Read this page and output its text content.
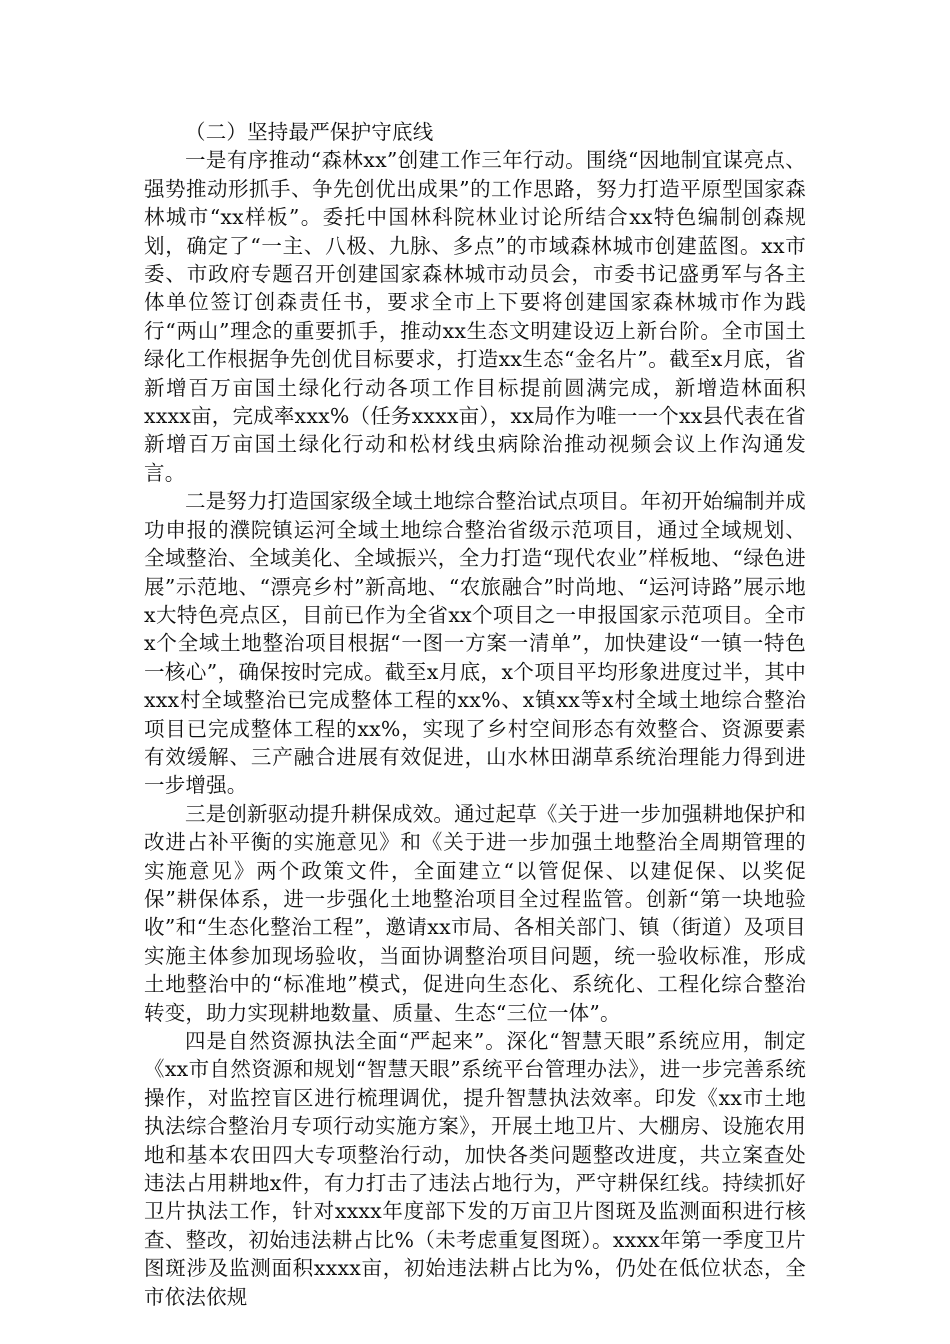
（二）坚持最严保护守底线

一是有序推动“森林xx”创建工作三年行动。围绕“因地制宜谋亮点、强势推动形抓手、争先创优出成果”的工作思路，努力打造平原型国家森林城市“xx样板”。委托中国林科院林业讨论所结合xx特色编制创森规划，确定了“一主、八极、九脉、多点”的市域森林城市创建蓝图。xx市委、市政府专题召开创建国家森林城市动员会，市委书记盛勇军与各主体单位签订创森责任书，要求全市上下要将创建国家森林城市作为践行“两山”理念的重要抓手，推动xx生态文明建设迈上新台阶。全市国土绿化工作根据争先创优目标要求，打造xx生态“金名片”。截至x月底，省新增百万亩国土绿化行动各项工作目标提前圆满完成，新增造林面积xxxx亩，完成率xxx%（任务xxxx亩），xx局作为唯一一个xx县代表在省新增百万亩国土绿化行动和松材线虫病除治推动视频会议上作沟通发言。

二是努力打造国家级全域土地综合整治试点项目。年初开始编制并成功申报的濮院镇运河全域土地综合整治省级示范项目，通过全域规划、全域整治、全域美化、全域振兴，全力打造“现代农业”样板地、“绿色进展”示范地、“漂亮乡村”新高地、“农旅融合”时尚地、“运河诗路”展示地x大特色亮点区，目前已作为全省xx个项目之一申报国家示范项目。全市x个全域土地整治项目根据“一图一方案一清单”，加快建设“一镇一特色一核心”，确保按时完成。截至x月底，x个项目平均形象进度过半，其中xxx村全域整治已完成整体工程的xx%、x镇xx等x村全域土地综合整治项目已完成整体工程的xx%，实现了乡村空间形态有效整合、资源要素有效缓解、三产融合进展有效促进，山水林田湖草系统治理能力得到进一步增强。

三是创新驱动提升耕保成效。通过起草《关于进一步加强耕地保护和改进占补平衡的实施意见》和《关于进一步加强土地整治全周期管理的实施意见》两个政策文件，全面建立“以管促保、以建促保、以奖促保”耕保体系，进一步强化土地整治项目全过程监管。创新“第一块地验收”和“生态化整治工程”，邀请xx市局、各相关部门、镇（街道）及项目实施主体参加现场验收，当面协调整治项目问题，统一验收标准，形成土地整治中的“标准地”模式，促进向生态化、系统化、工程化综合整治转变，助力实现耕地数量、质量、生态“三位一体”。

四是自然资源执法全面“严起来”。深化“智慧天眼”系统应用，制定《xx市自然资源和规划“智慧天眼”系统平台管理办法》，进一步完善系统操作，对监控盲区进行梳理调优，提升智慧执法效率。印发《xx市土地执法综合整治月专项行动实施方案》，开展土地卫片、大棚房、设施农用地和基本农田四大专项整治行动，加快各类问题整改进度，共立案查处违法占用耕地x件，有力打击了违法占地行为，严守耕保红线。持续抓好卫片执法工作，针对xxxx年度部下发的万亩卫片图斑及监测面积进行核查、整改，初始违法耕占比%（未考虑重复图斑）。xxxx年第一季度卫片图斑涉及监测面积xxxx亩，初始违法耕占比为%，仍处在低位状态，全市依法依规
